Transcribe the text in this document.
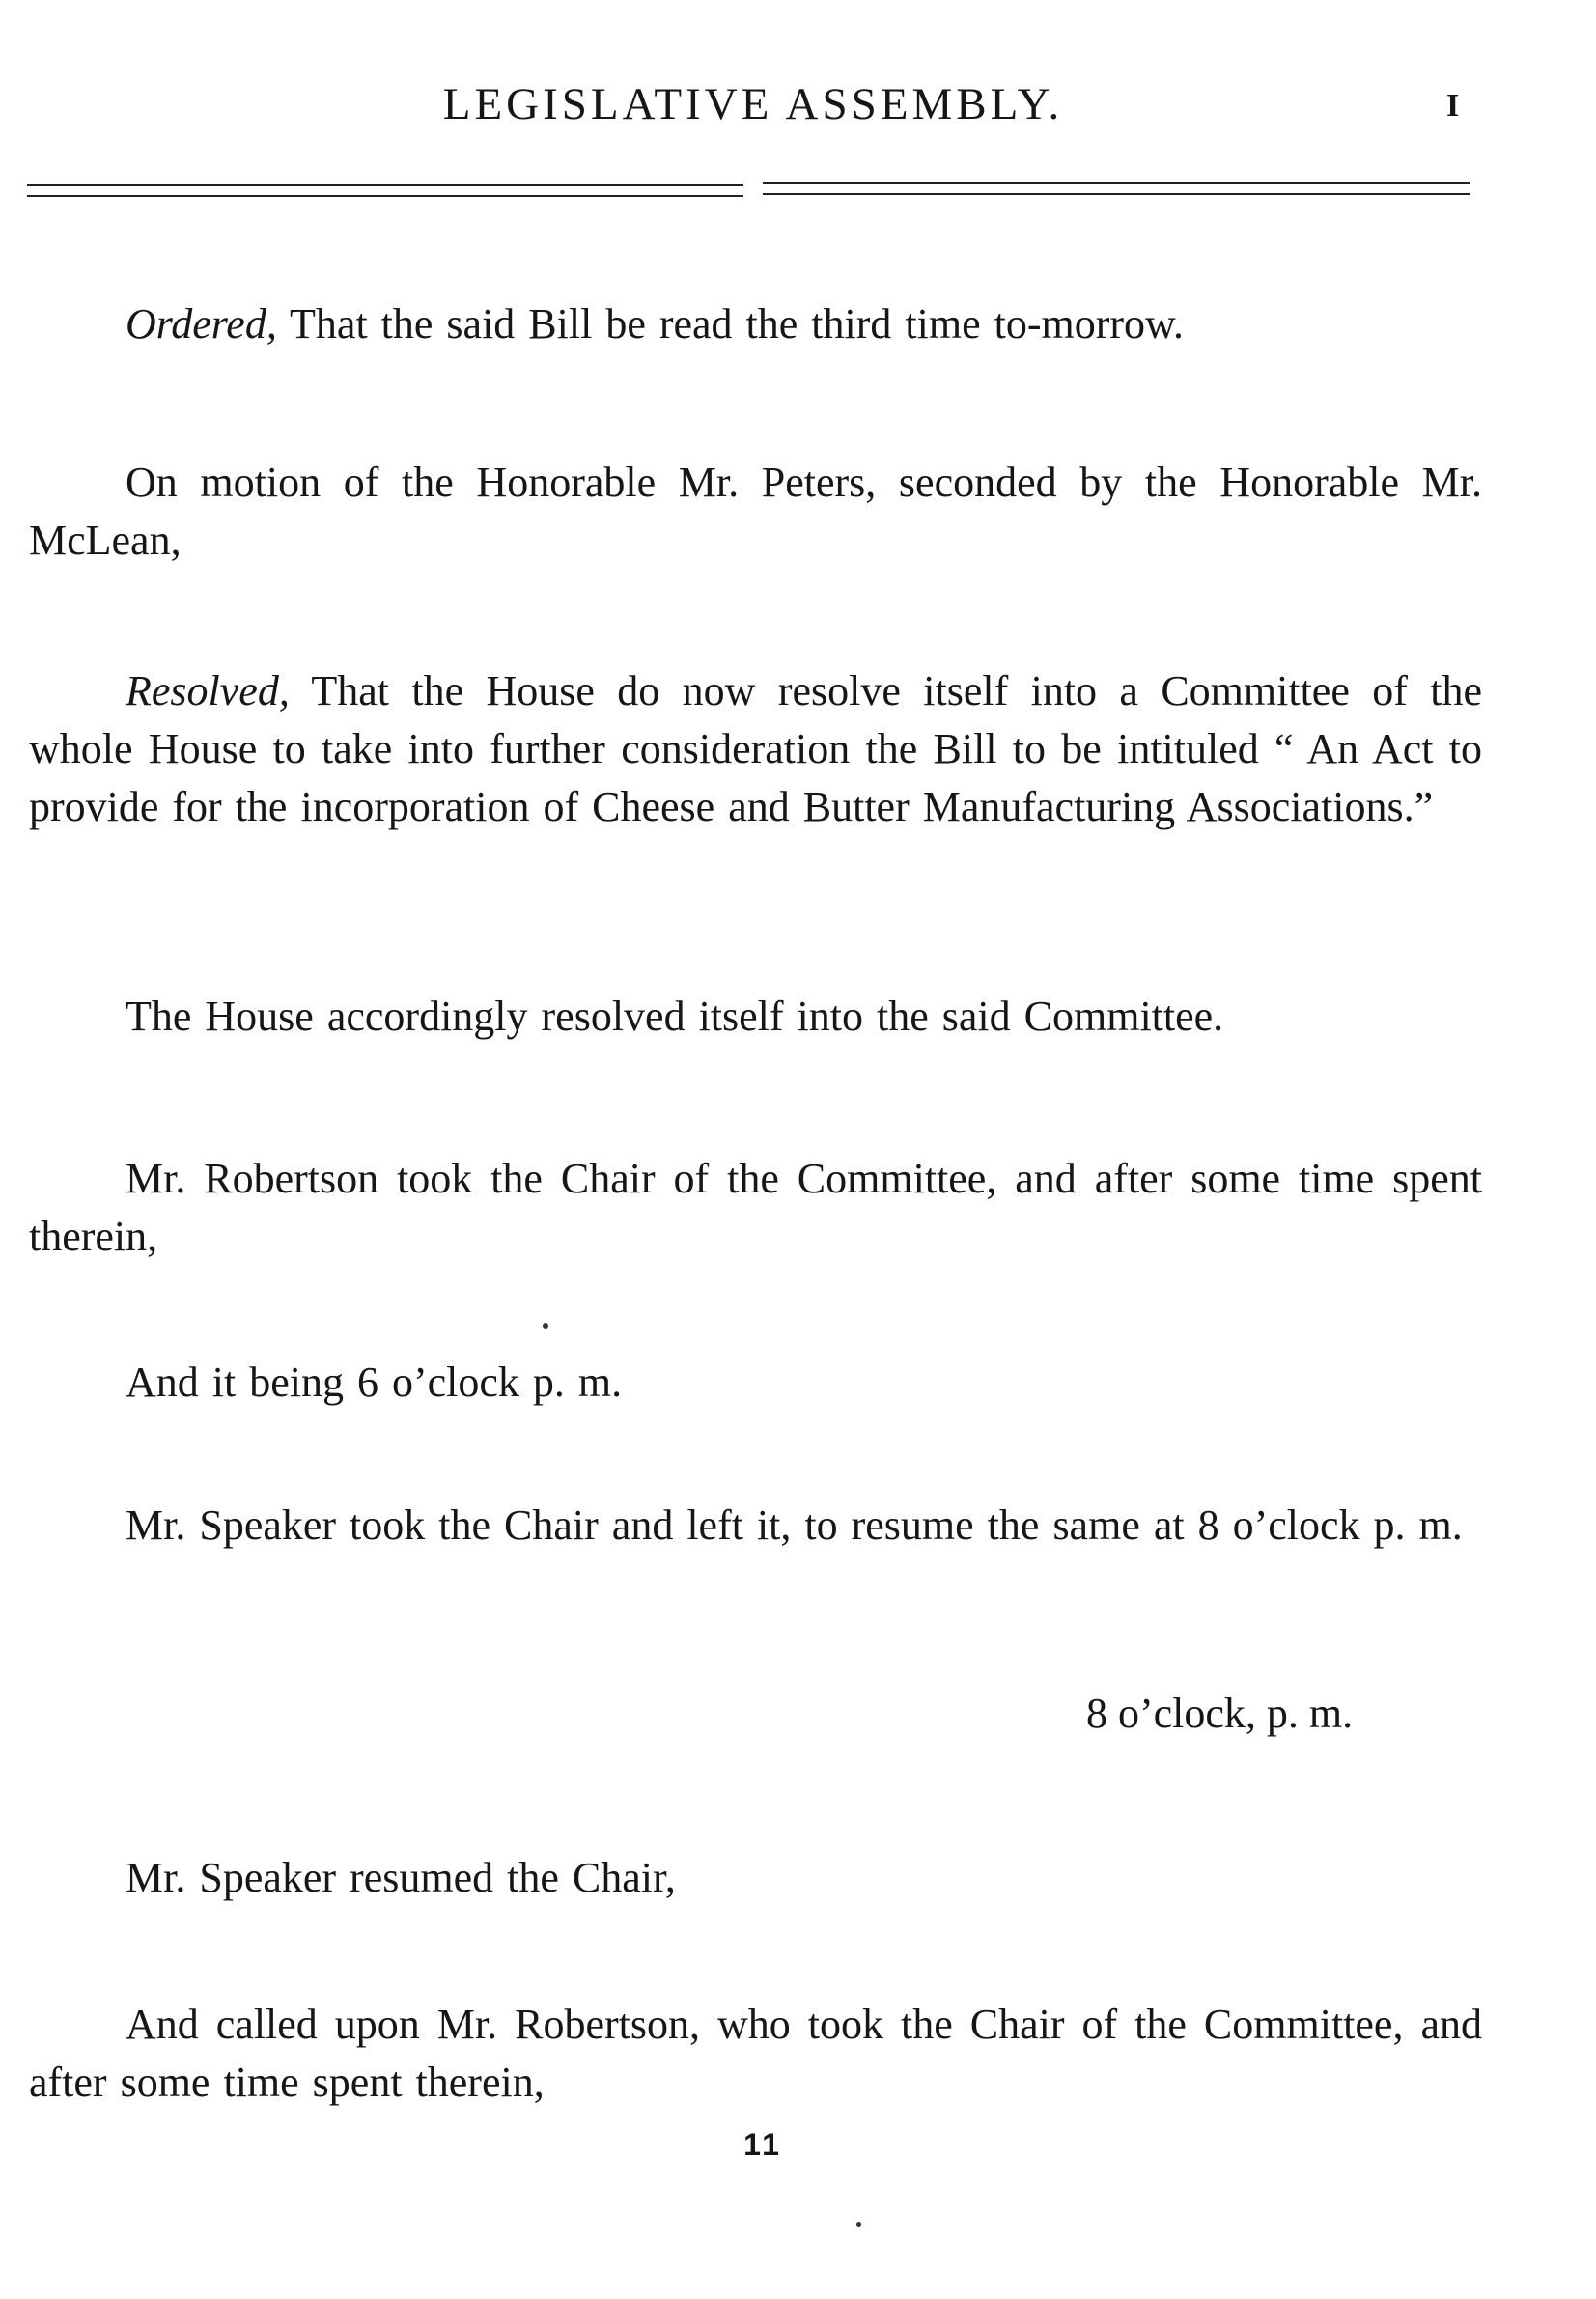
LEGISLATIVE ASSEMBLY.	I

Ordered, That the said Bill be read the third time to-morrow.

On motion of the Honorable Mr. Peters, seconded by the Honorable Mr. McLean,

Resolved, That the House do now resolve itself into a Committee of the whole House to take into further consideration the Bill to be intituled “ An Act to provide for the incorporation of Cheese and Butter Manufacturing Associations.”

The House accordingly resolved itself into the said Committee.

Mr. Robertson took the Chair of the Committee, and after some time spent therein,

And it being 6 o’clock p. m.

Mr. Speaker took the Chair and left it, to resume the same at 8 o’clock p. m.

8 o’clock, p. m.

Mr. Speaker resumed the Chair,

And called upon Mr. Robertson, who took the Chair of the Committee, and after some time spent therein,

11
